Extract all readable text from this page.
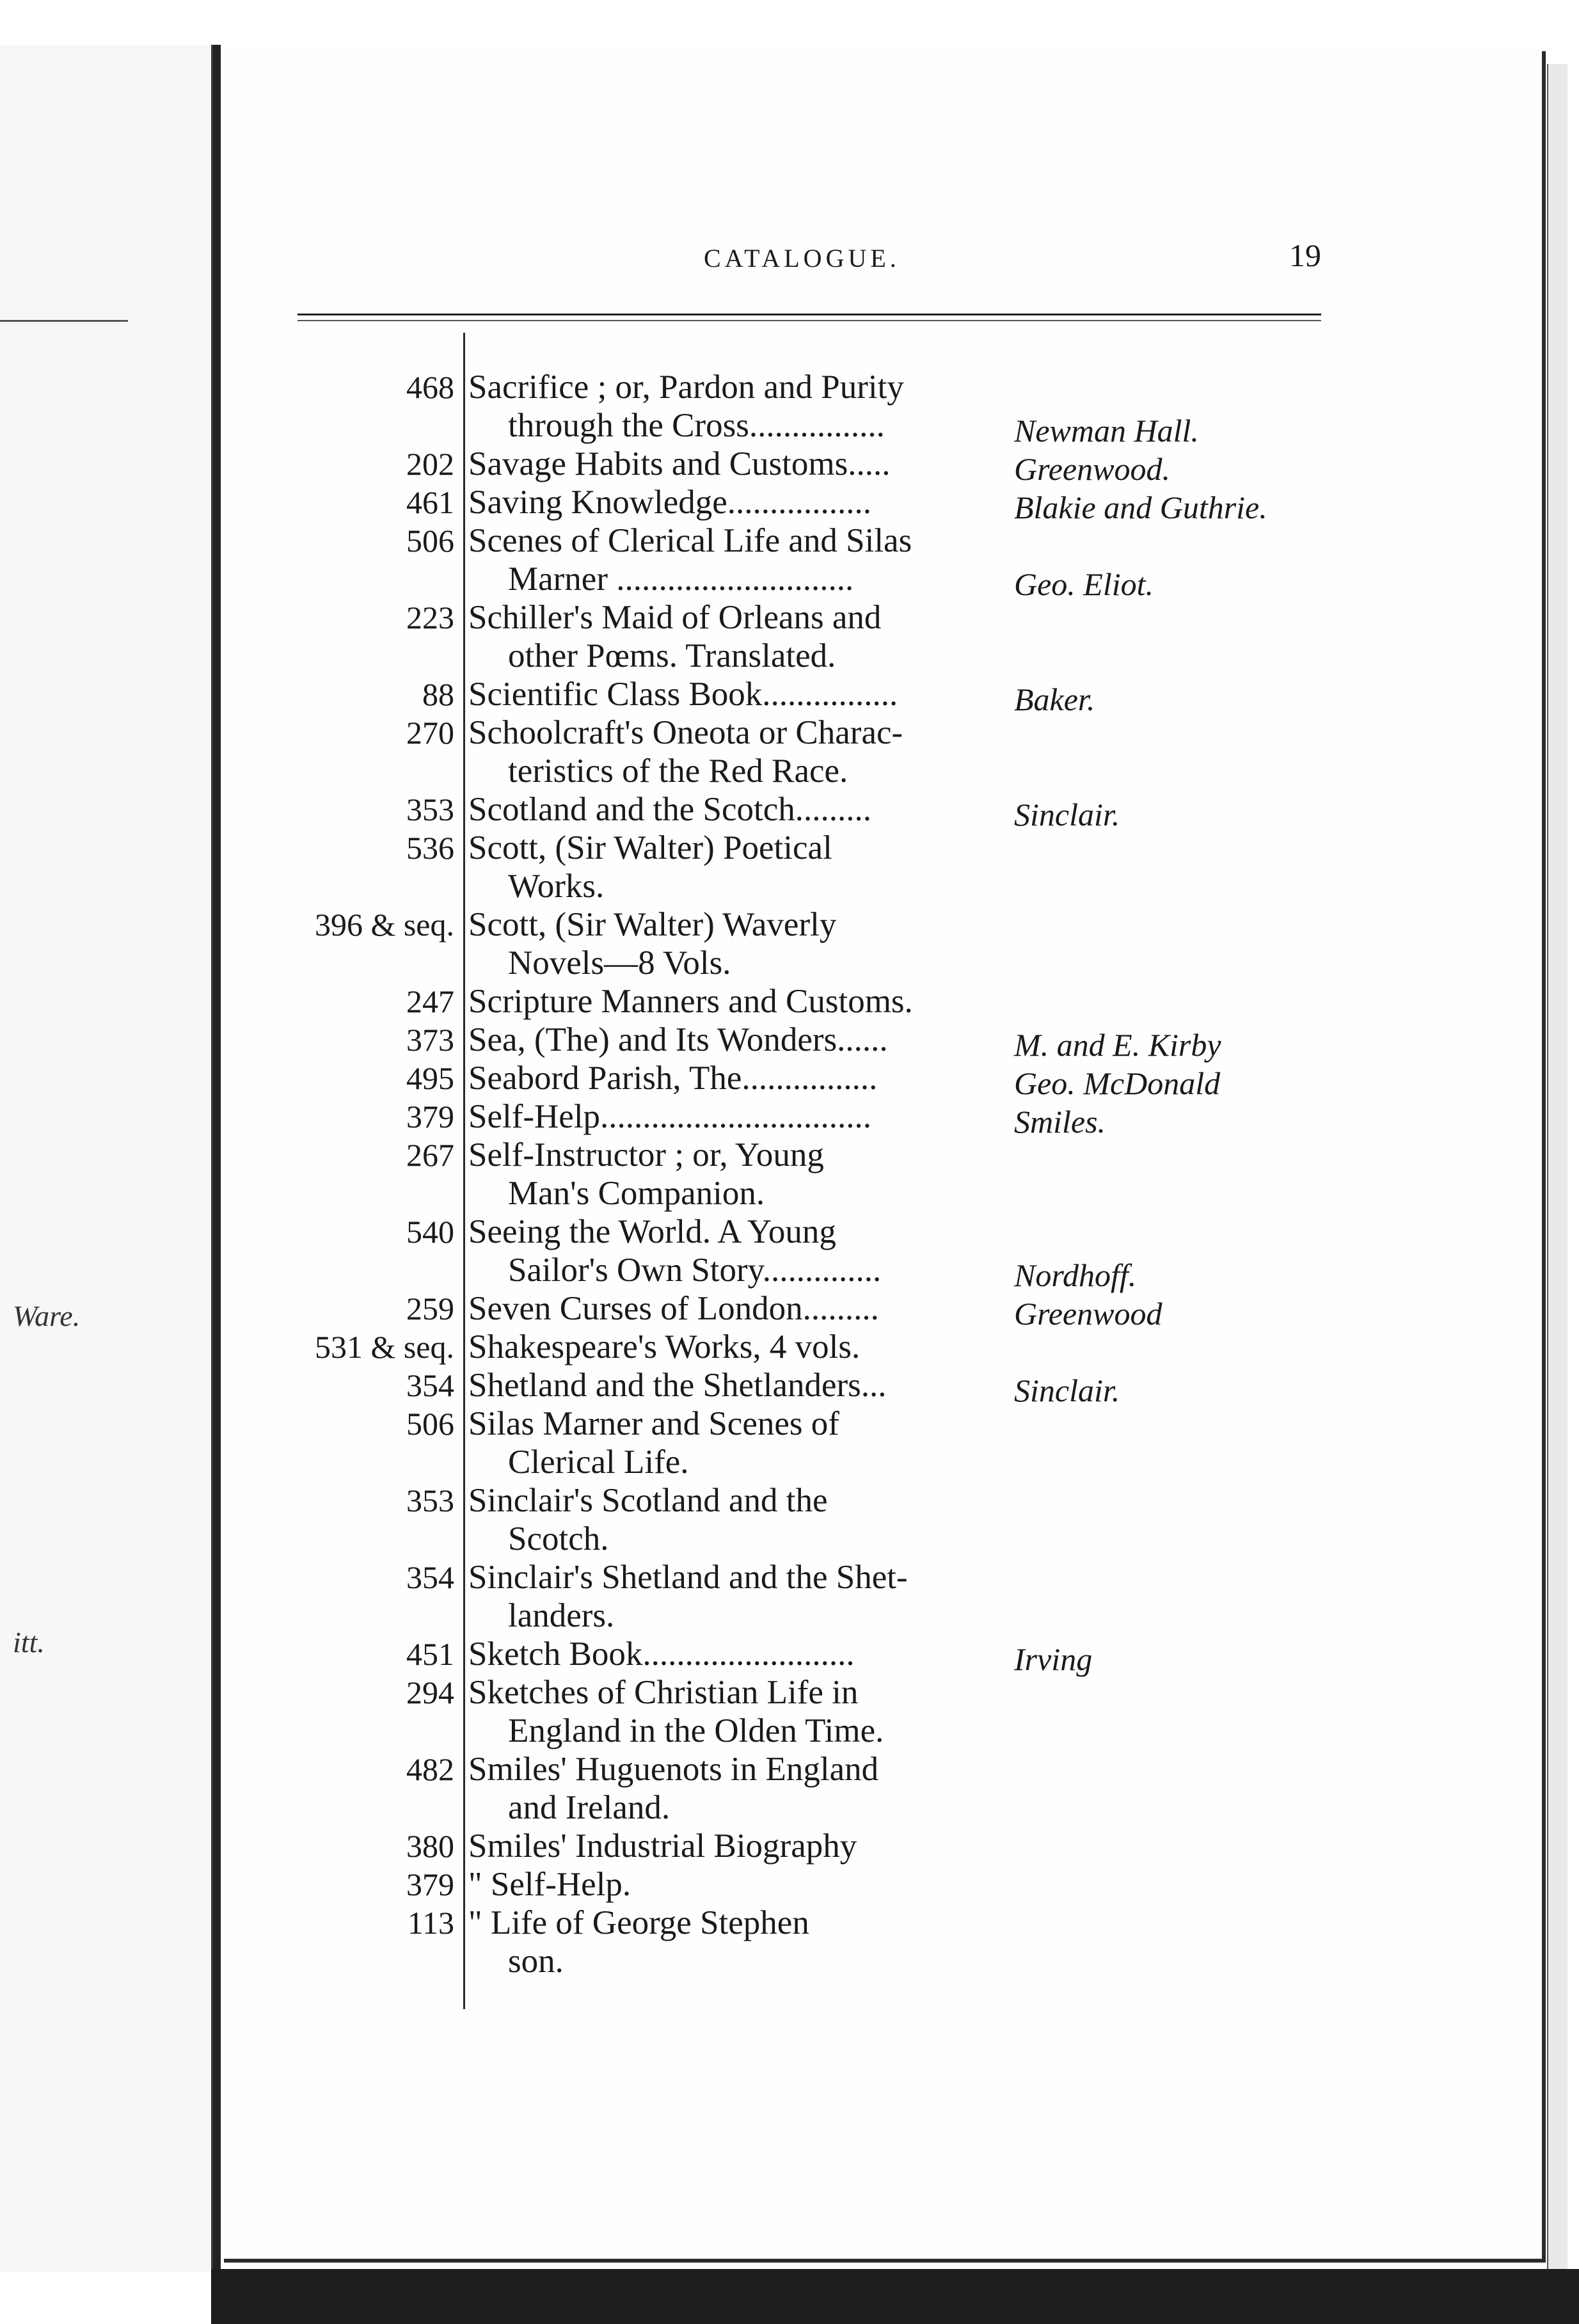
Ware.
itt.
CATALOGUE.	19
468 Sacrifice ; or, Pardon and Purity
through the Cross................	Newman Hall.
202 Savage Habits and Customs.....	Greenwood.
461 Saving Knowledge.................	Blakie and Guthrie.
506 Scenes of Clerical Life and Silas
Marner ............................	Geo. Eliot.
223 Schiller's Maid of Orleans and
other Pœms. Translated.
88 Scientific Class Book................	Baker.
270 Schoolcraft's Oneota or Charac-
teristics of the Red Race.
353 Scotland and the Scotch.........	Sinclair.
536 Scott, (Sir Walter) Poetical
Works.
396 & seq. Scott, (Sir Walter) Waverly
Novels—8 Vols.
247 Scripture Manners and Customs.
373 Sea, (The) and Its Wonders......	M. and E. Kirby
495 Seabord Parish, The................	Geo. McDonald
379 Self-Help................................	Smiles.
267 Self-Instructor ; or, Young
Man's Companion.
540 Seeing the World. A Young
Sailor's Own Story..............	Nordhoff.
259 Seven Curses of London.........	Greenwood
531 & seq. Shakespeare's Works, 4 vols.
354 Shetland and the Shetlanders...	Sinclair.
506 Silas Marner and Scenes of
Clerical Life.
353 Sinclair's Scotland and the
Scotch.
354 Sinclair's Shetland and the Shet-
landers.
451 Sketch Book.........................	Irving
294 Sketches of Christian Life in
England in the Olden Time.
482 Smiles' Huguenots in England
and Ireland.
380 Smiles' Industrial Biography
379 " Self-Help.
113 " Life of George Stephen
son.
